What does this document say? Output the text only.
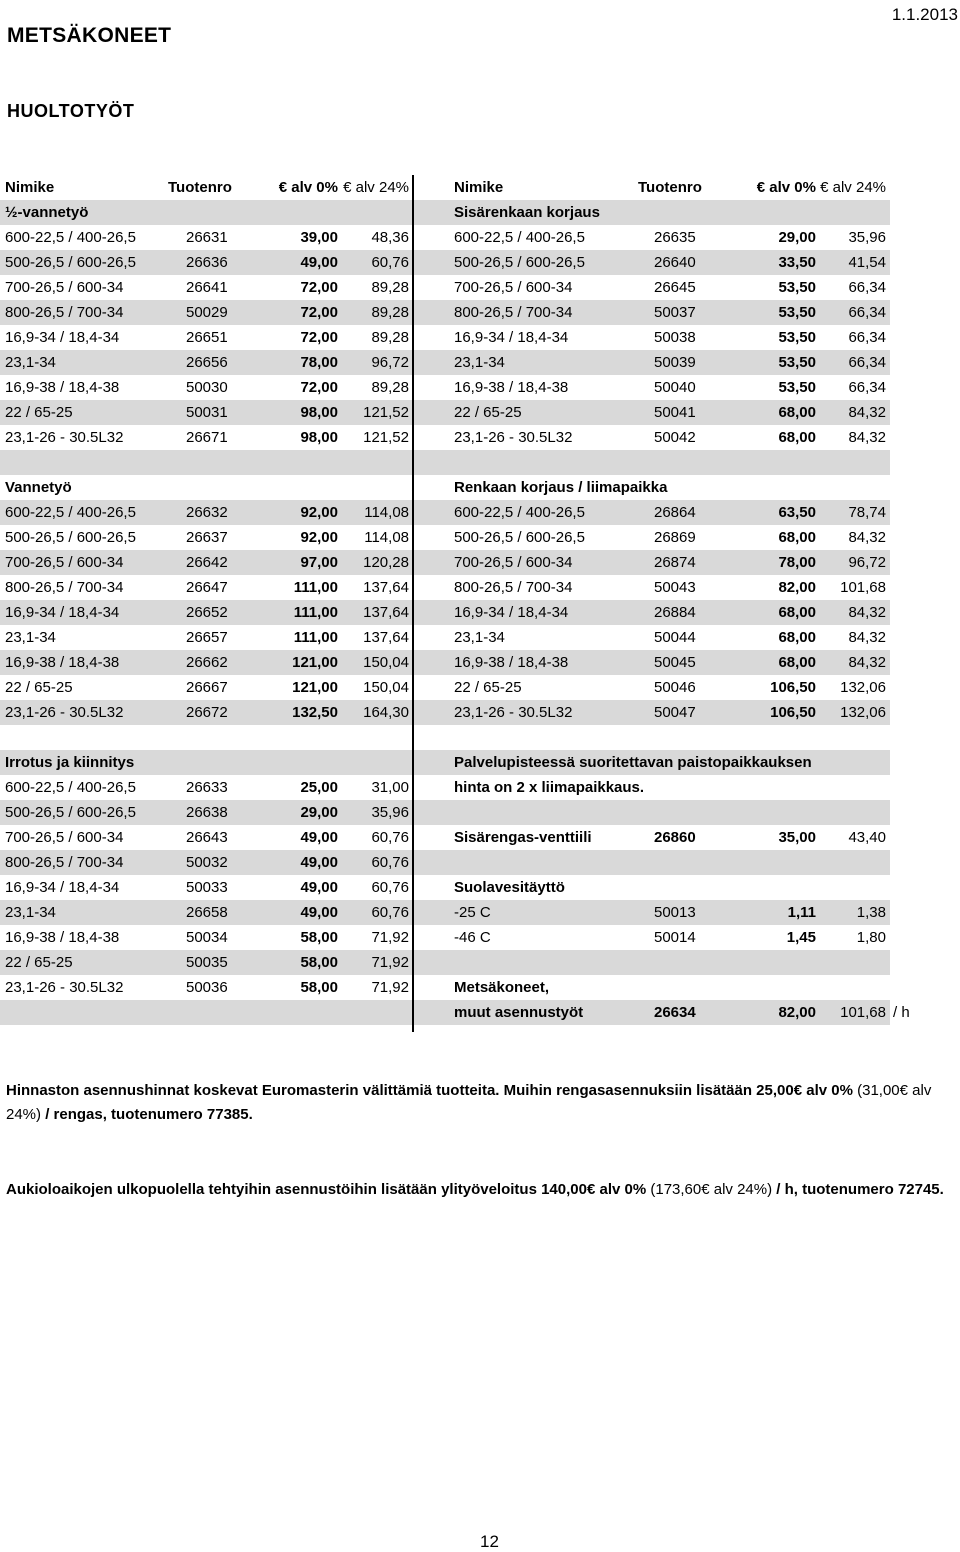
METSÄKONEET
1.1.2013
HUOLTOTYÖT
Nimike	Tuotenro	€ alv 0% € alv 24%	Nimike	Tuotenro	€ alv 0% € alv 24%
½-vannetyö	Sisärenkaan korjaus
600-22,5 / 400-26,5	26631	39,00 48,36	600-22,5 / 400-26,5	26635	29,00 35,96
500-26,5 / 600-26,5	26636	49,00 60,76	500-26,5 / 600-26,5	26640	33,50 41,54
700-26,5 / 600-34	26641	72,00 89,28	700-26,5 / 600-34	26645	53,50 66,34
800-26,5 / 700-34	50029	72,00 89,28	800-26,5 / 700-34	50037	53,50 66,34
16,9-34 / 18,4-34	26651	72,00 89,28	16,9-34 / 18,4-34	50038	53,50 66,34
23,1-34	26656	78,00 96,72	23,1-34	50039	53,50 66,34
16,9-38 / 18,4-38	50030	72,00 89,28	16,9-38 / 18,4-38	50040	53,50 66,34
22 / 65-25	50031	98,00 121,52	22 / 65-25	50041	68,00 84,32
23,1-26 - 30.5L32	26671	98,00 121,52	23,1-26 - 30.5L32	50042	68,00 84,32
Vannetyö	Renkaan korjaus / liimapaikka
600-22,5 / 400-26,5	26632	92,00 114,08	600-22,5 / 400-26,5	26864	63,50 78,74
500-26,5 / 600-26,5	26637	92,00 114,08	500-26,5 / 600-26,5	26869	68,00 84,32
700-26,5 / 600-34	26642	97,00 120,28	700-26,5 / 600-34	26874	78,00 96,72
800-26,5 / 700-34	26647	111,00 137,64	800-26,5 / 700-34	50043	82,00 101,68
16,9-34 / 18,4-34	26652	111,00 137,64	16,9-34 / 18,4-34	26884	68,00 84,32
23,1-34	26657	111,00 137,64	23,1-34	50044	68,00 84,32
16,9-38 / 18,4-38	26662	121,00 150,04	16,9-38 / 18,4-38	50045	68,00 84,32
22 / 65-25	26667	121,00 150,04	22 / 65-25	50046	106,50 132,06
23,1-26 - 30.5L32	26672	132,50 164,30	23,1-26 - 30.5L32	50047	106,50 132,06
Irrotus ja kiinnitys	Palvelupisteessä suoritettavan paistopaikkauksen
600-22,5 / 400-26,5	26633	25,00 31,00	hinta on 2 x liimapaikkaus.
500-26,5 / 600-26,5	26638	29,00 35,96
700-26,5 / 600-34	26643	49,00 60,76	Sisärengas-venttiili	26860	35,00 43,40
800-26,5 / 700-34	50032	49,00 60,76
16,9-34 / 18,4-34	50033	49,00 60,76	Suolavesitäyttö
23,1-34	26658	49,00 60,76	-25 C	50013	1,11	1,38
16,9-38 / 18,4-38	50034	58,00 71,92	-46 C	50014	1,45	1,80
22 / 65-25	50035	58,00 71,92
23,1-26 - 30.5L32	50036	58,00 71,92	Metsäkoneet,
muut asennustyöt	26634	82,00 101,68 / h
Hinnaston asennushinnat koskevat Euromasterin välittämiä tuotteita. Muihin rengasasennuksiin lisätään 25,00€ alv 0% (31,00€ alv 24%) / rengas, tuotenumero 77385.
Aukioloaikojen ulkopuolella tehtyihin asennustöihin lisätään ylityöveloitus 140,00€ alv 0% (173,60€ alv 24%) / h, tuotenumero 72745.
12
